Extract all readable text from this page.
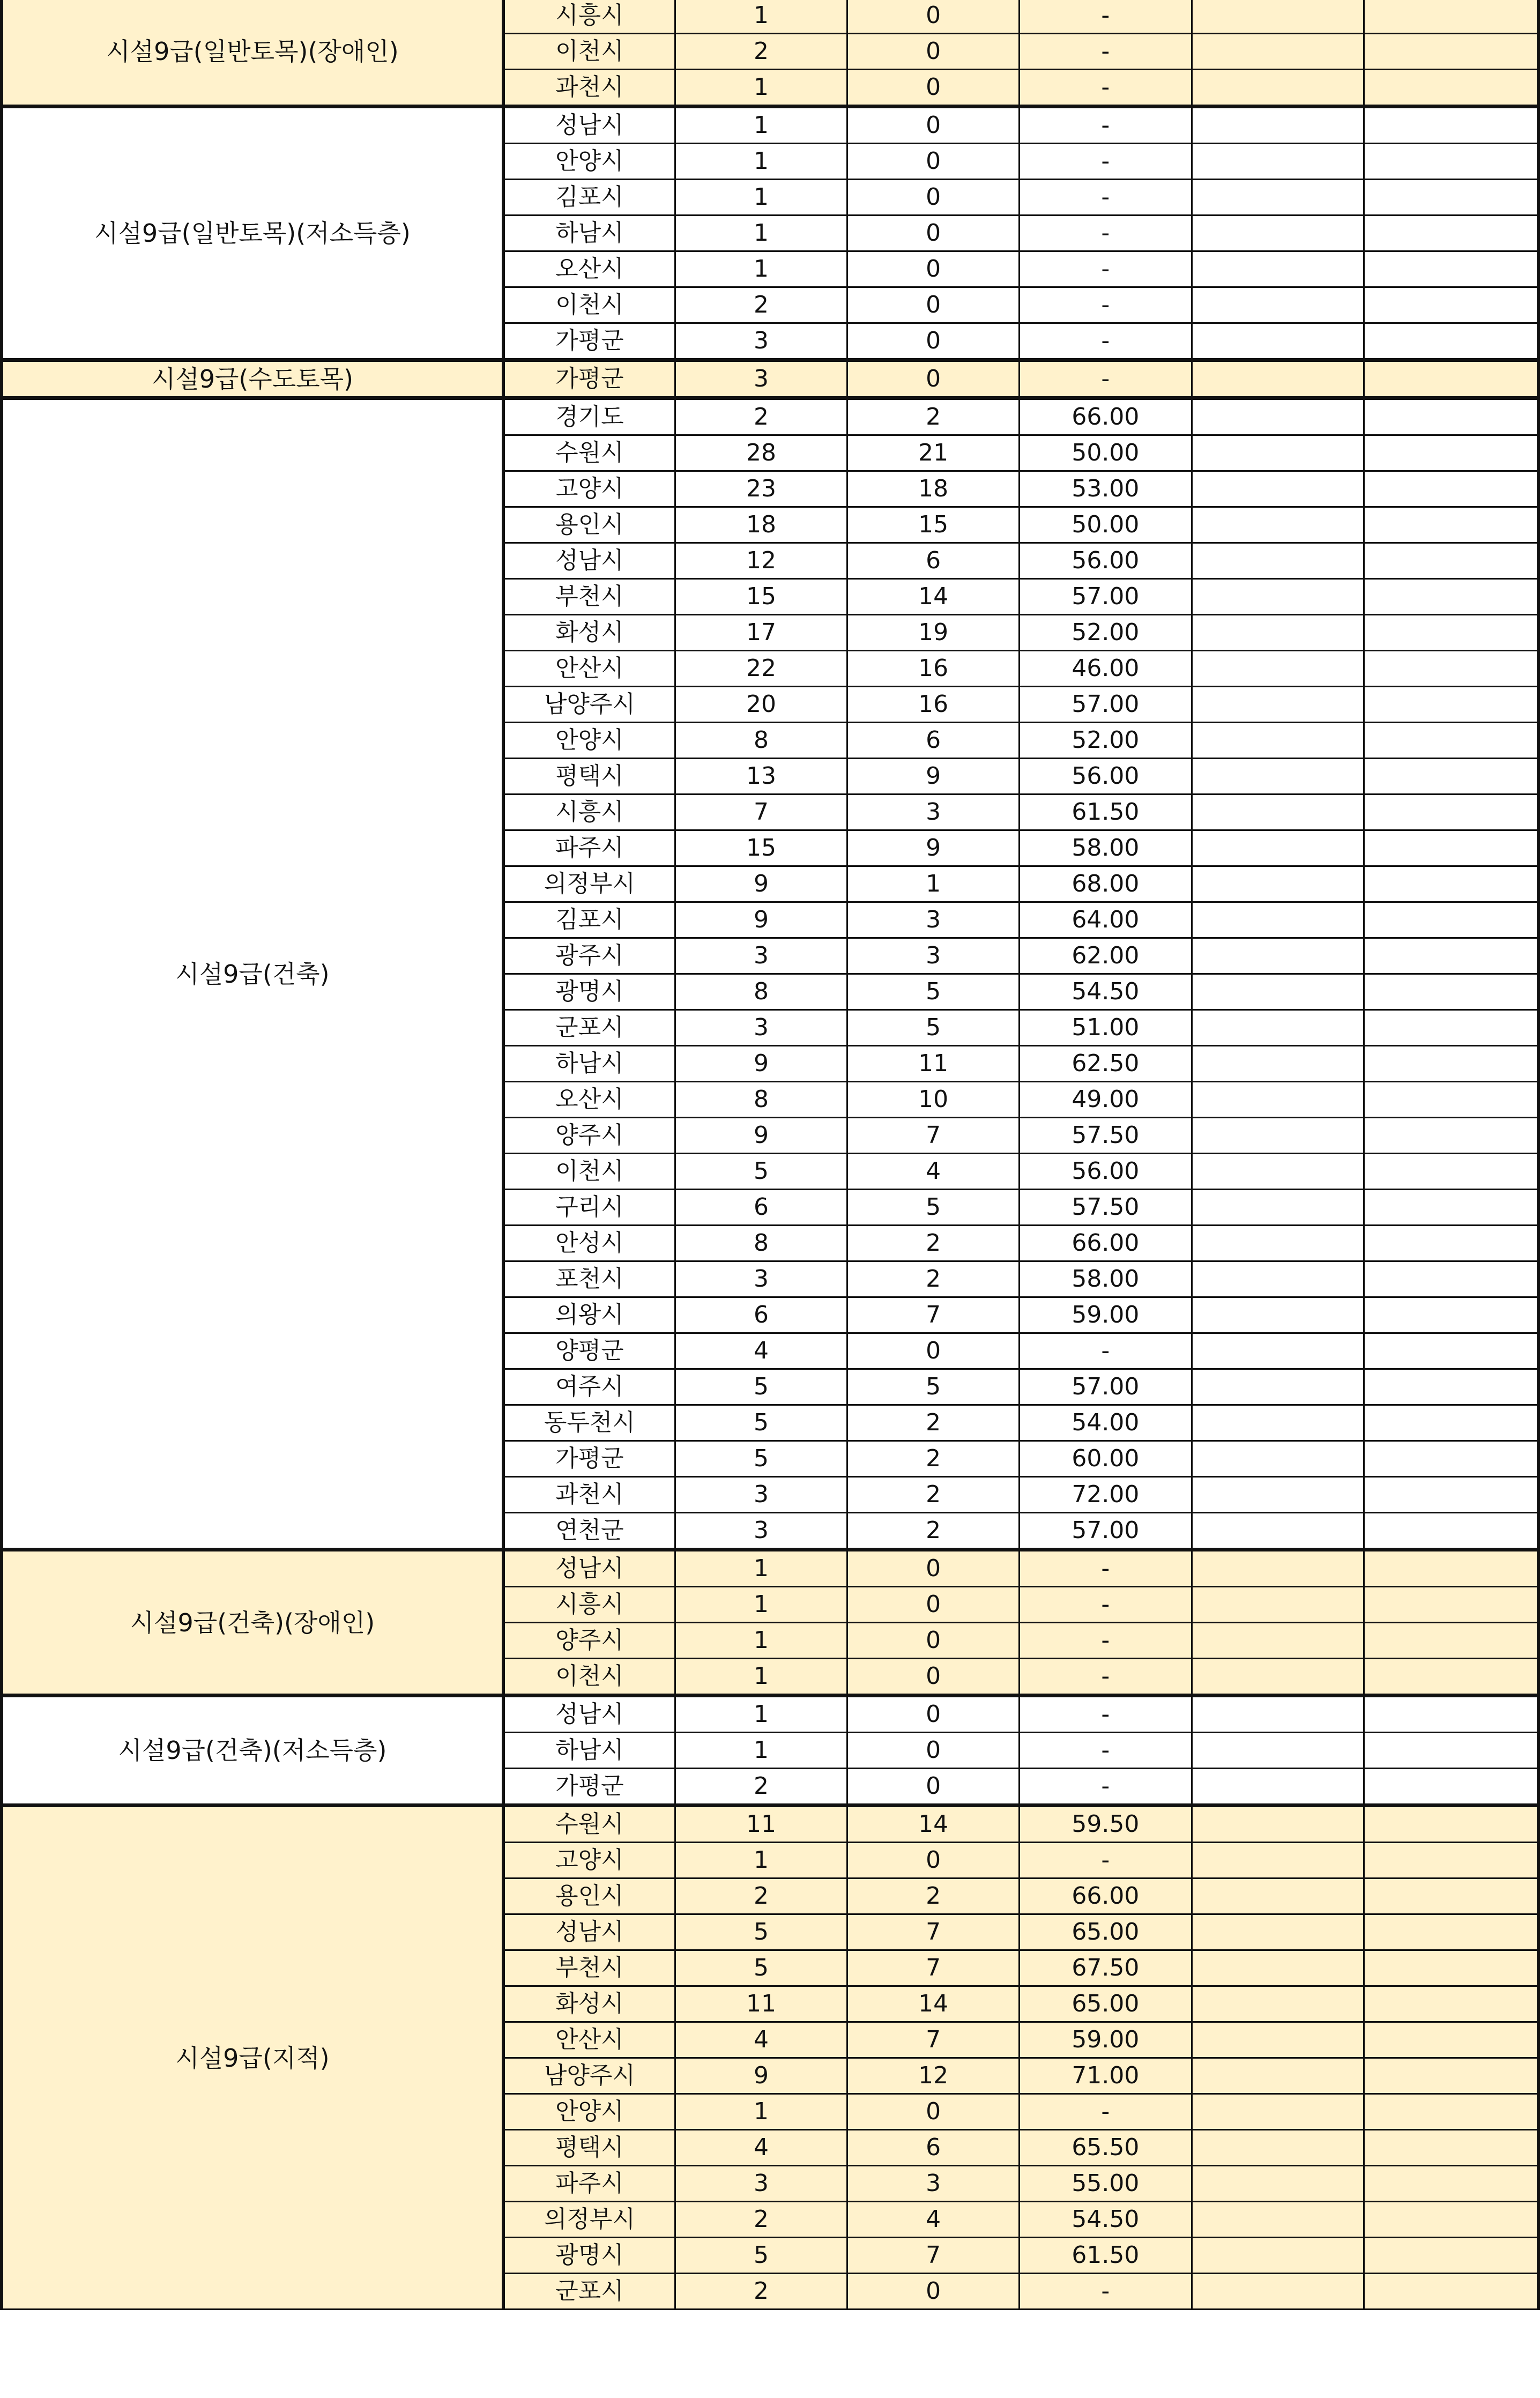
시설9급(일반토목)(장애인)	시흥시	1	0	-		
	이천시	2	0	-		
	과천시	1	0	-		
시설9급(일반토목)(저소득층)	성남시	1	0	-		
	안양시	1	0	-		
	김포시	1	0	-		
	하남시	1	0	-		
	오산시	1	0	-		
	이천시	2	0	-		
	가평군	3	0	-		
시설9급(수도토목)	가평군	3	0	-		
시설9급(건축)	경기도	2	2	66.00		
	수원시	28	21	50.00		
	고양시	23	18	53.00		
	용인시	18	15	50.00		
	성남시	12	6	56.00		
	부천시	15	14	57.00		
	화성시	17	19	52.00		
	안산시	22	16	46.00		
	남양주시	20	16	57.00		
	안양시	8	6	52.00		
	평택시	13	9	56.00		
	시흥시	7	3	61.50		
	파주시	15	9	58.00		
	의정부시	9	1	68.00		
	김포시	9	3	64.00		
	광주시	3	3	62.00		
	광명시	8	5	54.50		
	군포시	3	5	51.00		
	하남시	9	11	62.50		
	오산시	8	10	49.00		
	양주시	9	7	57.50		
	이천시	5	4	56.00		
	구리시	6	5	57.50		
	안성시	8	2	66.00		
	포천시	3	2	58.00		
	의왕시	6	7	59.00		
	양평군	4	0	-		
	여주시	5	5	57.00		
	동두천시	5	2	54.00		
	가평군	5	2	60.00		
	과천시	3	2	72.00		
	연천군	3	2	57.00		
시설9급(건축)(장애인)	성남시	1	0	-		
	시흥시	1	0	-		
	양주시	1	0	-		
	이천시	1	0	-		
시설9급(건축)(저소득층)	성남시	1	0	-		
	하남시	1	0	-		
	가평군	2	0	-		
시설9급(지적)	수원시	11	14	59.50		
	고양시	1	0	-		
	용인시	2	2	66.00		
	성남시	5	7	65.00		
	부천시	5	7	67.50		
	화성시	11	14	65.00		
	안산시	4	7	59.00		
	남양주시	9	12	71.00		
	안양시	1	0	-		
	평택시	4	6	65.50		
	파주시	3	3	55.00		
	의정부시	2	4	54.50		
	광명시	5	7	61.50		
	군포시	2	0	-		
